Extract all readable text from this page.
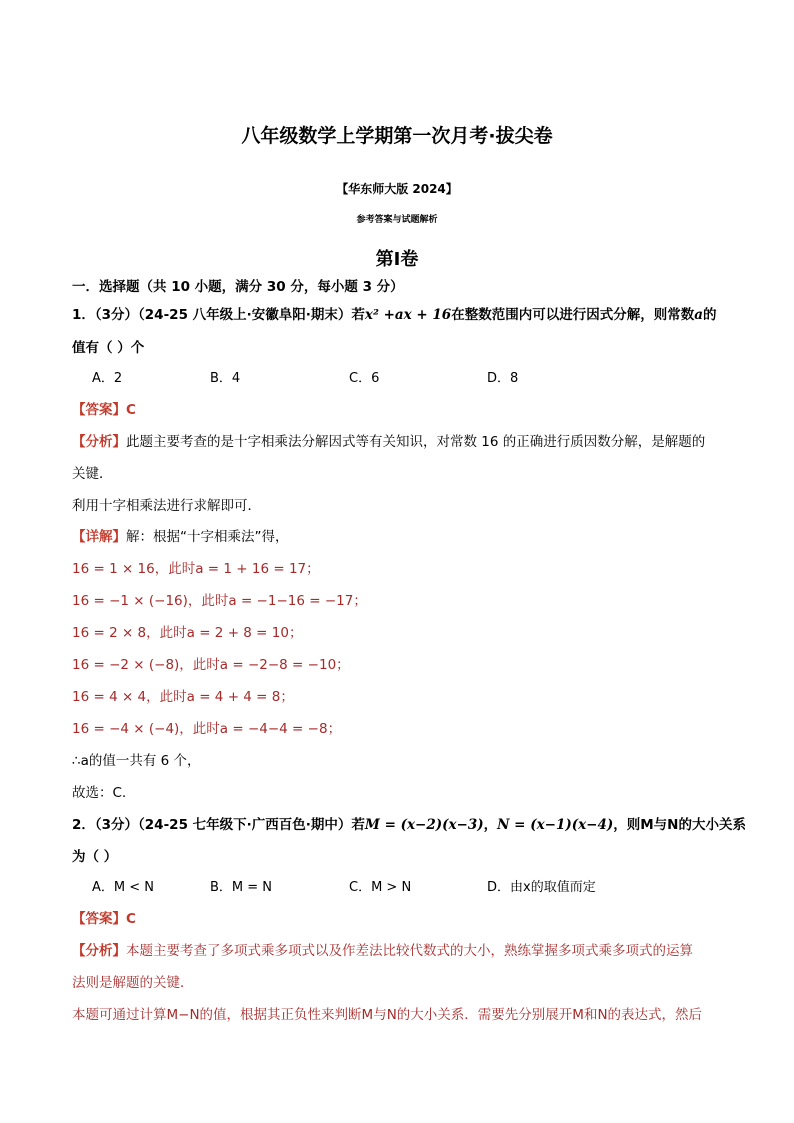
八年级数学上学期第一次月考·拔尖卷
【华东师大版 2024】
参考答案与试题解析
第Ⅰ卷
一．选择题（共 10 小题，满分 30 分，每小题 3 分）
1．（3分）（24-25 八年级上·安徽阜阳·期末）若x² +ax + 16在整数范围内可以进行因式分解，则常数a的
值有（ ）个
A．2	B．4	C．6	D．8
【答案】C
【分析】此题主要考查的是十字相乘法分解因式等有关知识，对常数 16 的正确进行质因数分解，是解题的
关键．
利用十字相乘法进行求解即可．
【详解】解：根据“十字相乘法”得，
16 = 1 × 16，此时a = 1 + 16 = 17；
16 = −1 × (−16)，此时a = −1−16 = −17；
16 = 2 × 8，此时a = 2 + 8 = 10；
16 = −2 × (−8)，此时a = −2−8 = −10；
16 = 4 × 4，此时a = 4 + 4 = 8；
16 = −4 × (−4)，此时a = −4−4 = −8；
∴a的值一共有 6 个，
故选：C.
2．（3分）（24-25 七年级下·广西百色·期中）若M = (x−2)(x−3)，N = (x−1)(x−4)，则M与N的大小关系
为（ ）
A．M < N	B．M = N	C．M > N	D．由x的取值而定
【答案】C
【分析】本题主要考查了多项式乘多项式以及作差法比较代数式的大小，熟练掌握多项式乘多项式的运算
法则是解题的关键．
本题可通过计算M−N的值，根据其正负性来判断M与N的大小关系．需要先分别展开M和N的表达式，然后
